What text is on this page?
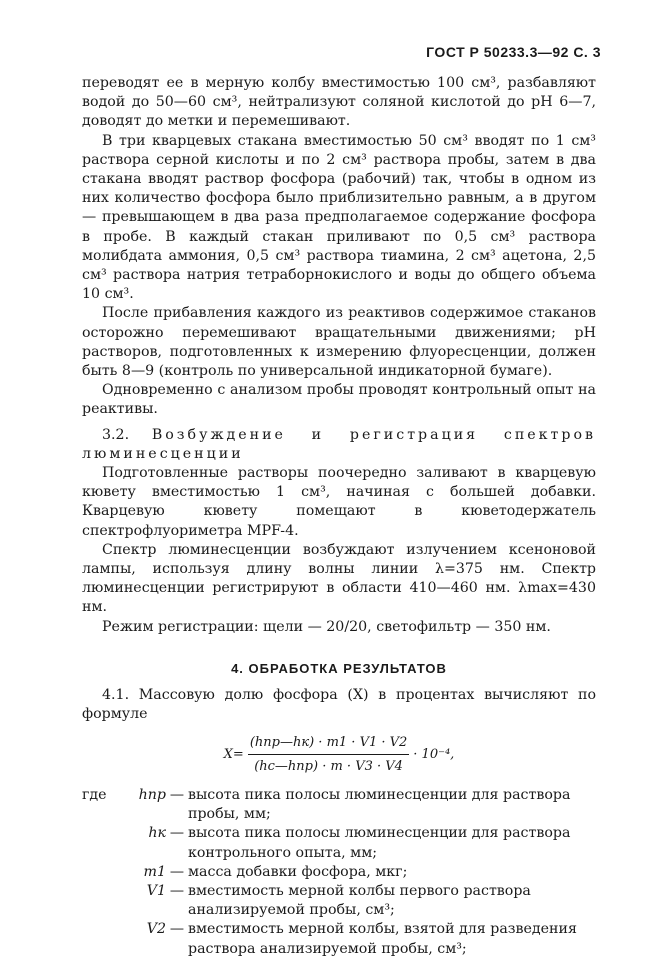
ГОСТ Р 50233.3—92 С. 3

переводят ее в мерную колбу вместимостью 100 см³, разбавляют водой до 50—60 см³, нейтрализуют соляной кислотой до pH 6—7, доводят до метки и перемешивают.

В три кварцевых стакана вместимостью 50 см³ вводят по 1 см³ раствора серной кислоты и по 2 см³ раствора пробы, затем в два стакана вводят раствор фосфора (рабочий) так, чтобы в одном из них количество фосфора было приблизительно равным, а в другом — превышающем в два раза предполагаемое содержание фосфора в пробе. В каждый стакан приливают по 0,5 см³ раствора молибдата аммония, 0,5 см³ раствора тиамина, 2 см³ ацетона, 2,5 см³ раствора натрия тетраборнокислого и воды до общего объема 10 см³.

После прибавления каждого из реактивов содержимое стаканов осторожно перемешивают вращательными движениями; pH растворов, подготовленных к измерению флуоресценции, должен быть 8—9 (контроль по универсальной индикаторной бумаге).

Одновременно с анализом пробы проводят контрольный опыт на реактивы.

3.2. Возбуждение и регистрация спектров люминесценции

Подготовленные растворы поочередно заливают в кварцевую кювету вместимостью 1 см³, начиная с большей добавки. Кварцевую кювету помещают в кюветодержатель спектрофлуориметра MPF-4.

Спектр люминесценции возбуждают излучением ксеноновой лампы, используя длину волны линии λ=375 нм. Спектр люминесценции регистрируют в области 410—460 нм. λmax=430 нм.

Режим регистрации: щели — 20/20, светофильтр — 350 нм.

4. ОБРАБОТКА РЕЗУЛЬТАТОВ

4.1. Массовую долю фосфора (X) в процентах вычисляют по формуле

$X= \frac{\text{(hпр—hк) · m1 · V1 · V2}}{\text{(hс—hпр) · m · V3 · V4}} \cdot 10^{-4}$,
где	hпр — высота пика полосы люминесценции для раствора пробы, мм;
hк — высота пика полосы люминесценции для раствора контрольного опыта, мм;
m1 — масса добавки фосфора, мкг;
V1 — вместимость мерной колбы первого раствора анализируемой пробы, см³;
V2 — вместимость мерной колбы, взятой для разведения раствора анализируемой пробы, см³;
